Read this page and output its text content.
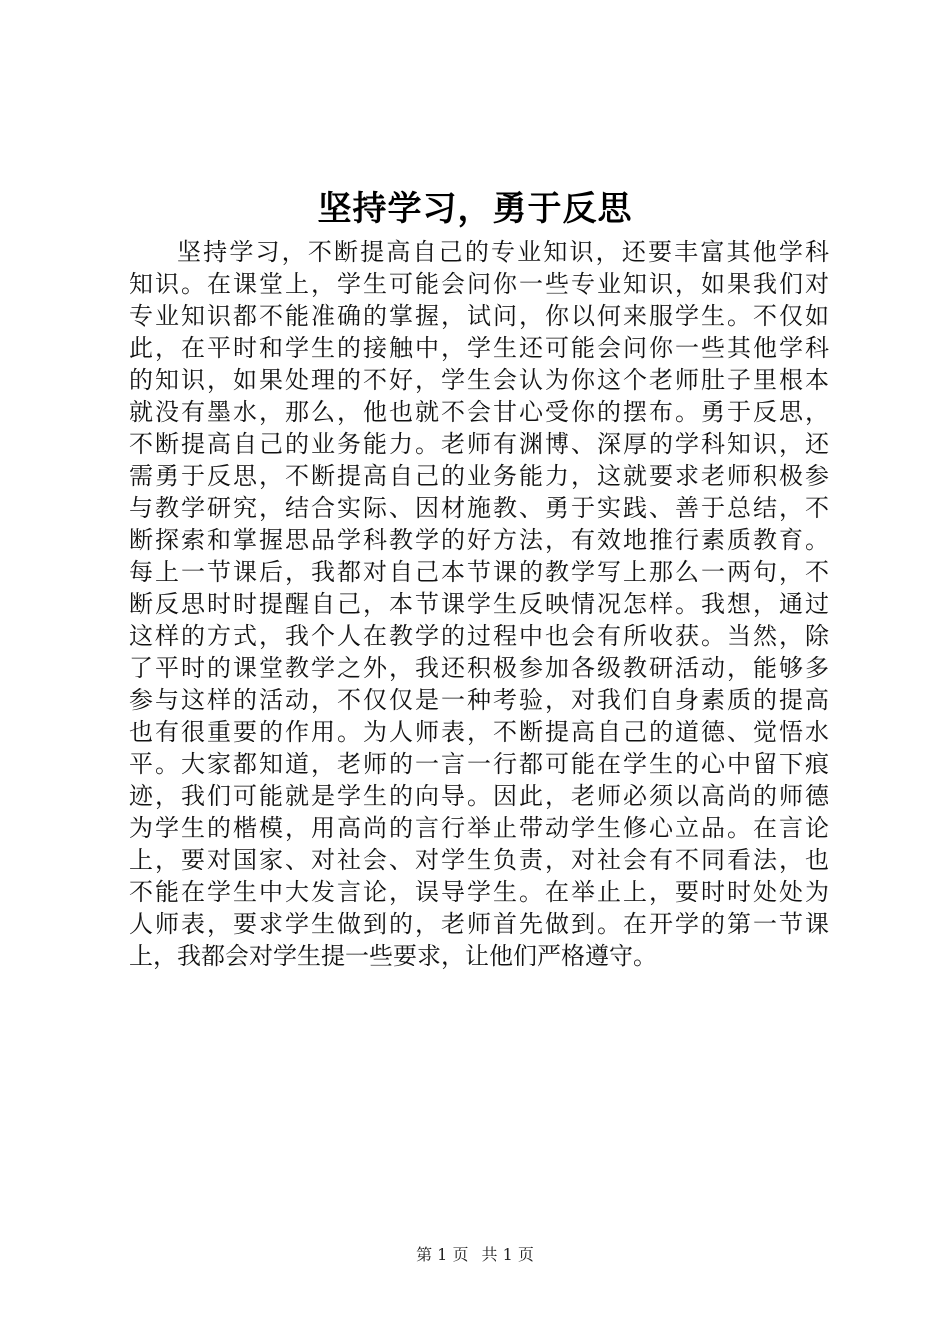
坚持学习，勇于反思

坚持学习，不断提高自己的专业知识，还要丰富其他学科
知识。在课堂上，学生可能会问你一些专业知识，如果我们对
专业知识都不能准确的掌握，试问，你以何来服学生。不仅如
此，在平时和学生的接触中，学生还可能会问你一些其他学科
的知识，如果处理的不好，学生会认为你这个老师肚子里根本
就没有墨水，那么，他也就不会甘心受你的摆布。勇于反思，
不断提高自己的业务能力。老师有渊博、深厚的学科知识，还
需勇于反思，不断提高自己的业务能力，这就要求老师积极参
与教学研究，结合实际、因材施教、勇于实践、善于总结，不
断探索和掌握思品学科教学的好方法，有效地推行素质教育。
每上一节课后，我都对自己本节课的教学写上那么一两句，不
断反思时时提醒自己，本节课学生反映情况怎样。我想，通过
这样的方式，我个人在教学的过程中也会有所收获。当然，除
了平时的课堂教学之外，我还积极参加各级教研活动，能够多
参与这样的活动，不仅仅是一种考验，对我们自身素质的提高
也有很重要的作用。为人师表，不断提高自己的道德、觉悟水
平。大家都知道，老师的一言一行都可能在学生的心中留下痕
迹，我们可能就是学生的向导。因此，老师必须以高尚的师德
为学生的楷模，用高尚的言行举止带动学生修心立品。在言论
上，要对国家、对社会、对学生负责，对社会有不同看法，也
不能在学生中大发言论，误导学生。在举止上，要时时处处为
人师表，要求学生做到的，老师首先做到。在开学的第一节课
上，我都会对学生提一些要求，让他们严格遵守。

第 1 页 共 1 页
